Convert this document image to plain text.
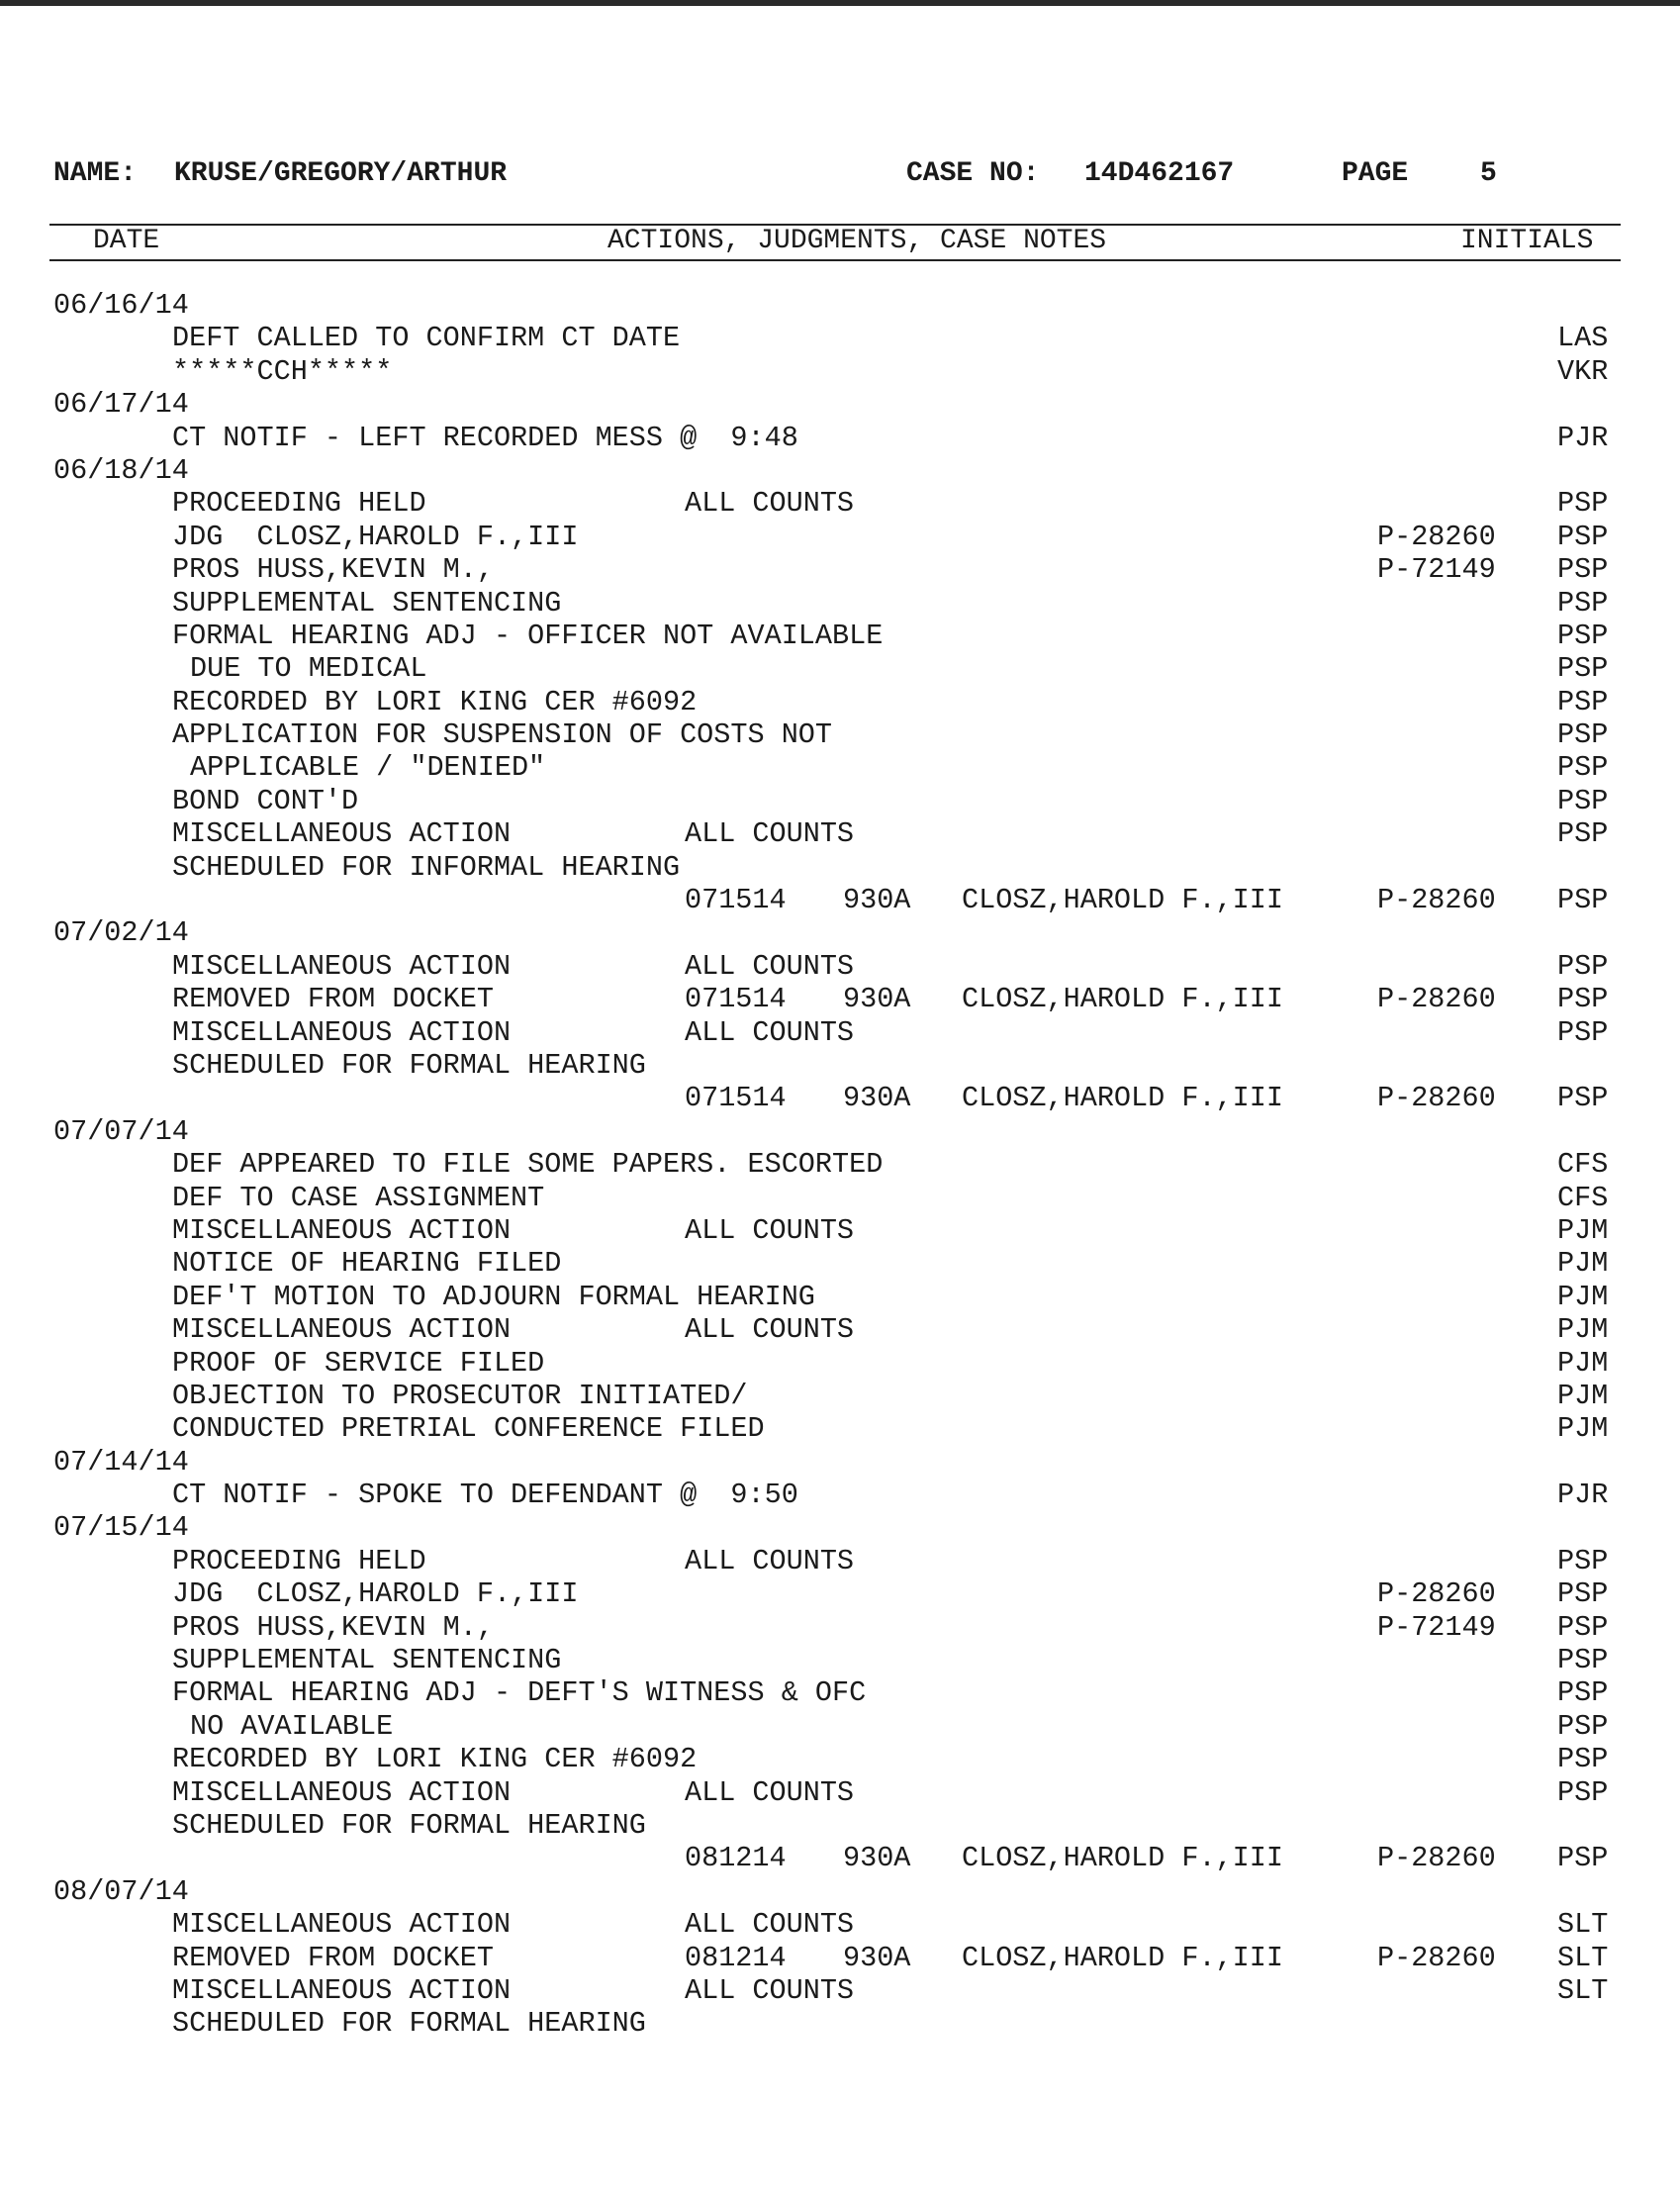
NAME: KRUSE/GREGORY/ARTHUR	CASE NO: 14D462167	PAGE	5
DATE	ACTIONS, JUDGMENTS, CASE NOTES	INITIALS
06/16/14
DEFT CALLED TO CONFIRM CT DATE	LAS
*****CCH*****	VKR
06/17/14
CT NOTIF - LEFT RECORDED MESS @  9:48	PJR
06/18/14
PROCEEDING HELD	ALL COUNTS	PSP
JDG  CLOSZ,HAROLD F.,III	P-28260 PSP
PROS HUSS,KEVIN M.,	P-72149 PSP
SUPPLEMENTAL SENTENCING	PSP
FORMAL HEARING ADJ - OFFICER NOT AVAILABLE	PSP
DUE TO MEDICAL	PSP
RECORDED BY LORI KING CER #6092	PSP
APPLICATION FOR SUSPENSION OF COSTS NOT	PSP
APPLICABLE / "DENIED"	PSP
BOND CONT'D	PSP
MISCELLANEOUS ACTION	ALL COUNTS	PSP
SCHEDULED FOR INFORMAL HEARING
071514 930A CLOSZ,HAROLD F.,III	P-28260 PSP
07/02/14
MISCELLANEOUS ACTION	ALL COUNTS	PSP
REMOVED FROM DOCKET	071514 930A CLOSZ,HAROLD F.,III	P-28260 PSP
MISCELLANEOUS ACTION	ALL COUNTS	PSP
SCHEDULED FOR FORMAL HEARING
071514 930A CLOSZ,HAROLD F.,III	P-28260 PSP
07/07/14
DEF APPEARED TO FILE SOME PAPERS. ESCORTED	CFS
DEF TO CASE ASSIGNMENT	CFS
MISCELLANEOUS ACTION	ALL COUNTS	PJM
NOTICE OF HEARING FILED	PJM
DEF'T MOTION TO ADJOURN FORMAL HEARING	PJM
MISCELLANEOUS ACTION	ALL COUNTS	PJM
PROOF OF SERVICE FILED	PJM
OBJECTION TO PROSECUTOR INITIATED/	PJM
CONDUCTED PRETRIAL CONFERENCE FILED	PJM
07/14/14
CT NOTIF - SPOKE TO DEFENDANT @  9:50	PJR
07/15/14
PROCEEDING HELD	ALL COUNTS	PSP
JDG  CLOSZ,HAROLD F.,III	P-28260 PSP
PROS HUSS,KEVIN M.,	P-72149 PSP
SUPPLEMENTAL SENTENCING	PSP
FORMAL HEARING ADJ - DEFT'S WITNESS & OFC	PSP
NO AVAILABLE	PSP
RECORDED BY LORI KING CER #6092	PSP
MISCELLANEOUS ACTION	ALL COUNTS	PSP
SCHEDULED FOR FORMAL HEARING
081214 930A CLOSZ,HAROLD F.,III	P-28260 PSP
08/07/14
MISCELLANEOUS ACTION	ALL COUNTS	SLT
REMOVED FROM DOCKET	081214 930A CLOSZ,HAROLD F.,III	P-28260 SLT
MISCELLANEOUS ACTION	ALL COUNTS	SLT
SCHEDULED FOR FORMAL HEARING
